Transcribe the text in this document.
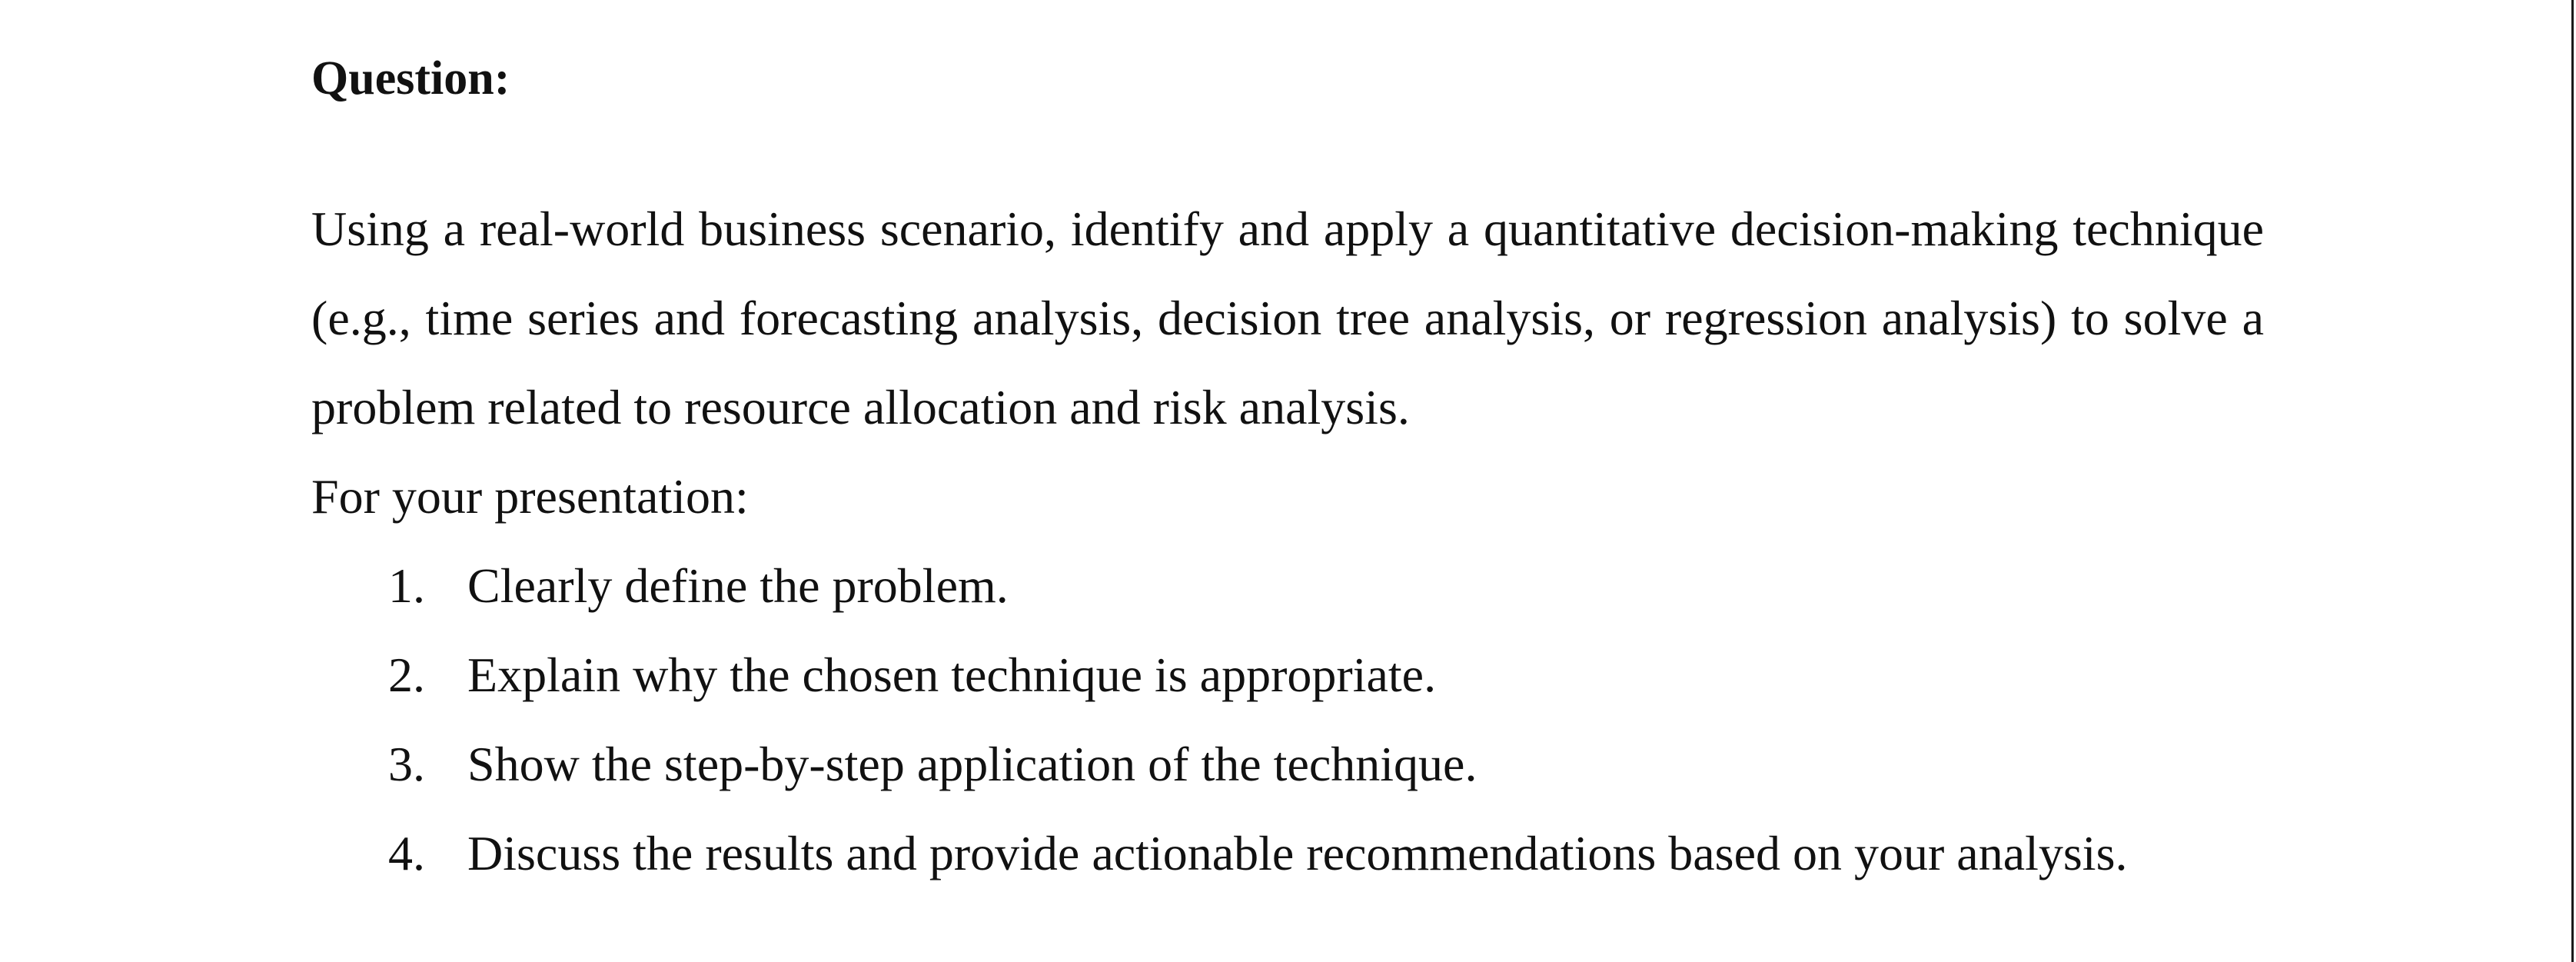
Question:

Using a real-world business scenario, identify and apply a quantitative decision-making technique (e.g., time series and forecasting analysis, decision tree analysis, or regression analysis) to solve a problem related to resource allocation and risk analysis.

For your presentation:

1. Clearly define the problem.
2. Explain why the chosen technique is appropriate.
3. Show the step-by-step application of the technique.
4. Discuss the results and provide actionable recommendations based on your analysis.
